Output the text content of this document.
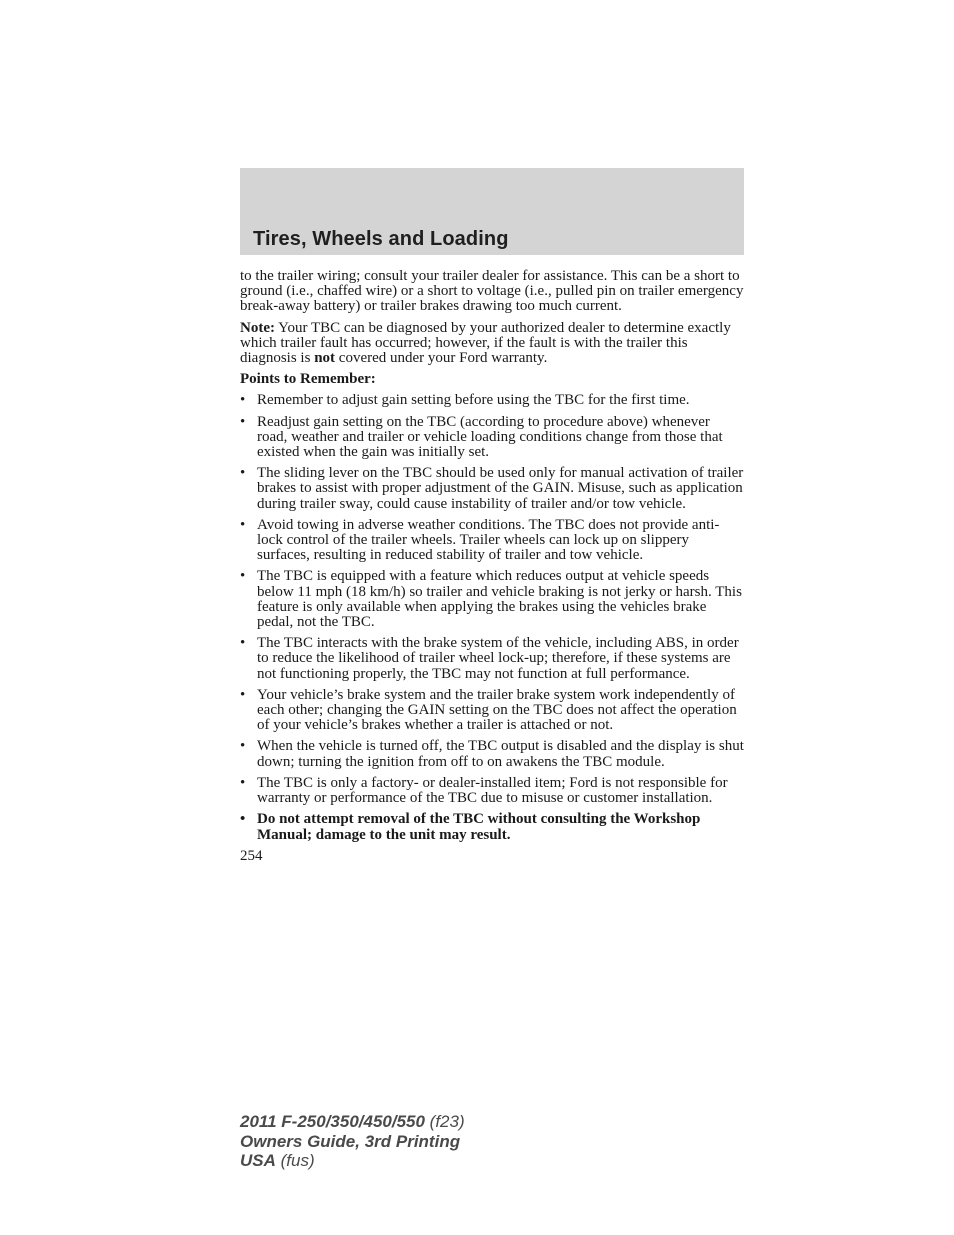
Tires, Wheels and Loading

to the trailer wiring; consult your trailer dealer for assistance. This can be a short to ground (i.e., chaffed wire) or a short to voltage (i.e., pulled pin on trailer emergency break-away battery) or trailer brakes drawing too much current.

Note: Your TBC can be diagnosed by your authorized dealer to determine exactly which trailer fault has occurred; however, if the fault is with the trailer this diagnosis is not covered under your Ford warranty.

Points to Remember:

• Remember to adjust gain setting before using the TBC for the first time.
• Readjust gain setting on the TBC (according to procedure above) whenever road, weather and trailer or vehicle loading conditions change from those that existed when the gain was initially set.
• The sliding lever on the TBC should be used only for manual activation of trailer brakes to assist with proper adjustment of the GAIN. Misuse, such as application during trailer sway, could cause instability of trailer and/or tow vehicle.
• Avoid towing in adverse weather conditions. The TBC does not provide anti-lock control of the trailer wheels. Trailer wheels can lock up on slippery surfaces, resulting in reduced stability of trailer and tow vehicle.
• The TBC is equipped with a feature which reduces output at vehicle speeds below 11 mph (18 km/h) so trailer and vehicle braking is not jerky or harsh. This feature is only available when applying the brakes using the vehicles brake pedal, not the TBC.
• The TBC interacts with the brake system of the vehicle, including ABS, in order to reduce the likelihood of trailer wheel lock-up; therefore, if these systems are not functioning properly, the TBC may not function at full performance.
• Your vehicle’s brake system and the trailer brake system work independently of each other; changing the GAIN setting on the TBC does not affect the operation of your vehicle’s brakes whether a trailer is attached or not.
• When the vehicle is turned off, the TBC output is disabled and the display is shut down; turning the ignition from off to on awakens the TBC module.
• The TBC is only a factory- or dealer-installed item; Ford is not responsible for warranty or performance of the TBC due to misuse or customer installation.
• Do not attempt removal of the TBC without consulting the Workshop Manual; damage to the unit may result.
254
2011 F-250/350/450/550 (f23)
Owners Guide, 3rd Printing
USA (fus)
